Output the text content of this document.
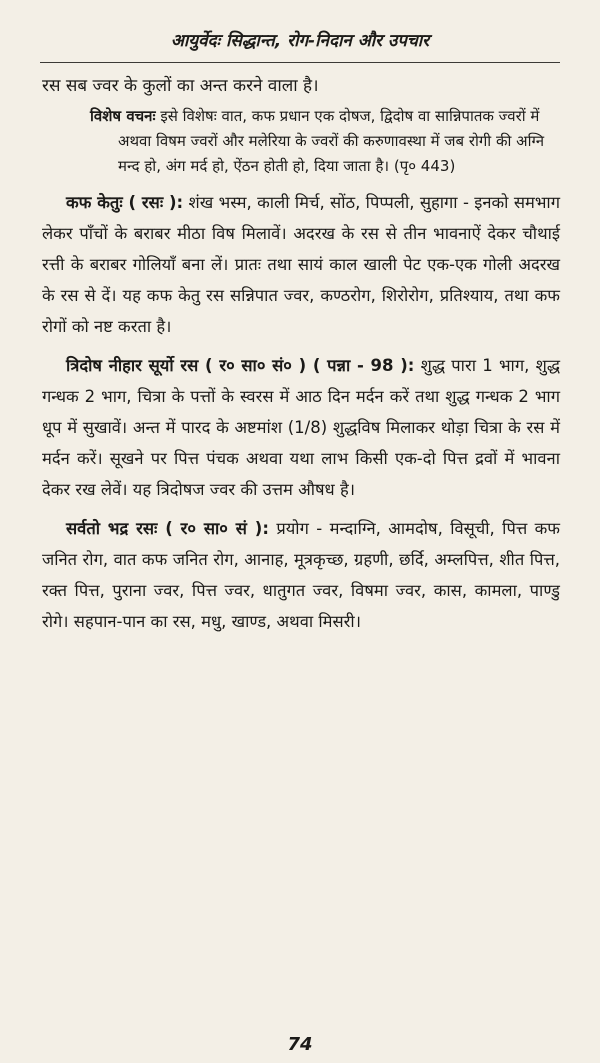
आयुर्वेदः सिद्धान्त, रोग-निदान और उपचार

रस सब ज्वर के कुलों का अन्त करने वाला है।

विशेष वचनः इसे विशेषः वात, कफ प्रधान एक दोषज, द्विदोष वा सान्निपातक ज्वरों में अथवा विषम ज्वरों और मलेरिया के ज्वरों की करुणावस्था में जब रोगी की अग्नि मन्द हो, अंग मर्द हो, ऐंठन होती हो, दिया जाता है। (पृ० 443)

कफ केतुः ( रसः ): शंख भस्म, काली मिर्च, सोंठ, पिप्पली, सुहागा - इनको समभाग लेकर पाँचों के बराबर मीठा विष मिलावें। अदरख के रस से तीन भावनाऐं देकर चौथाई रत्ती के बराबर गोलियाँ बना लें। प्रातः तथा सायं काल खाली पेट एक-एक गोली अदरख के रस से दें। यह कफ केतु रस सन्निपात ज्वर, कण्ठरोग, शिरोरोग, प्रतिश्याय, तथा कफ रोगों को नष्ट करता है।

त्रिदोष नीहार सूर्यो रस ( र० सा० सं० ) ( पन्ना - 98 ): शुद्ध पारा 1 भाग, शुद्ध गन्धक 2 भाग, चित्रा के पत्तों के स्वरस में आठ दिन मर्दन करें तथा शुद्ध गन्धक 2 भाग धूप में सुखावें। अन्त में पारद के अष्टमांश (1/8) शुद्धविष मिलाकर थोड़ा चित्रा के रस में मर्दन करें। सूखने पर पित्त पंचक अथवा यथा लाभ किसी एक-दो पित्त द्रवों में भावना देकर रख लेवें। यह त्रिदोषज ज्वर की उत्तम औषध है।

सर्वतो भद्र रसः ( र० सा० सं ): प्रयोग - मन्दाग्नि, आमदोष, विसूची, पित्त कफ जनित रोग, वात कफ जनित रोग, आनाह, मूत्रकृच्छ, ग्रहणी, छर्दि, अम्लपित्त, शीत पित्त, रक्त पित्त, पुराना ज्वर, पित्त ज्वर, धातुगत ज्वर, विषमा ज्वर, कास, कामला, पाण्डु रोगे। सहपान-पान का रस, मधु, खाण्ड, अथवा मिसरी।

74
